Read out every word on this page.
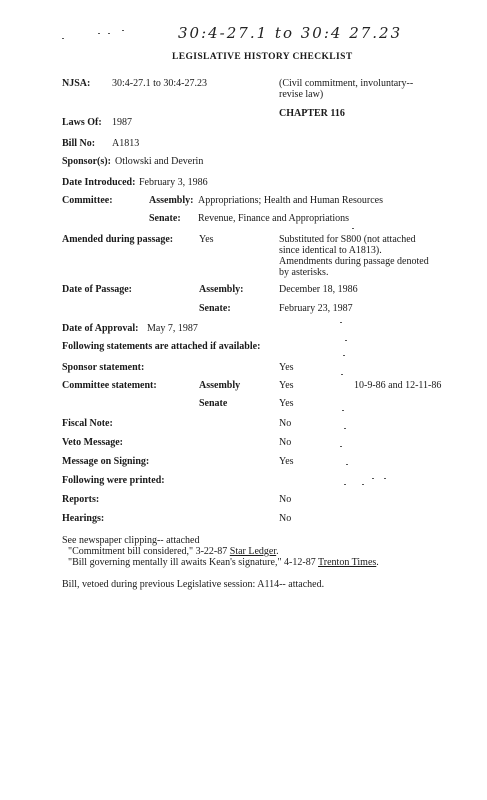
30:4-27.1 to 30:4 27.23
LEGISLATIVE HISTORY CHECKLIST
NJSA: 30:4-27.1 to 30:4-27.23	(Civil commitment, involuntary--
revise law)
CHAPTER 116
Laws Of: 1987
Bill No: A1813
Sponsor(s): Otlowski and Deverin
Date Introduced: February 3, 1986
Committee:	Assembly: Appropriations; Health and Human Resources
Senate: Revenue, Finance and Appropriations
Amended during passage:	Yes	Substituted for S800 (not attached
since identical to A1813).
Amendments during passage denoted
by asterisks.
Date of Passage:	Assembly:	December 18, 1986
Senate:	February 23, 1987
Date of Approval: May 7, 1987
Following statements are attached if available:
Sponsor statement:	Yes
Committee statement:	Assembly	Yes	10-9-86 and 12-11-86
Senate	Yes
Fiscal Note:	No
Veto Message:	No
Message on Signing:	Yes
Following were printed:
Reports:	No
Hearings:	No
See newspaper clipping-- attached
"Commitment bill considered," 3-22-87 Star Ledger.
"Bill governing mentally ill awaits Kean's signature," 4-12-87 Trenton Times.
Bill, vetoed during previous Legislative session: A114-- attached.
